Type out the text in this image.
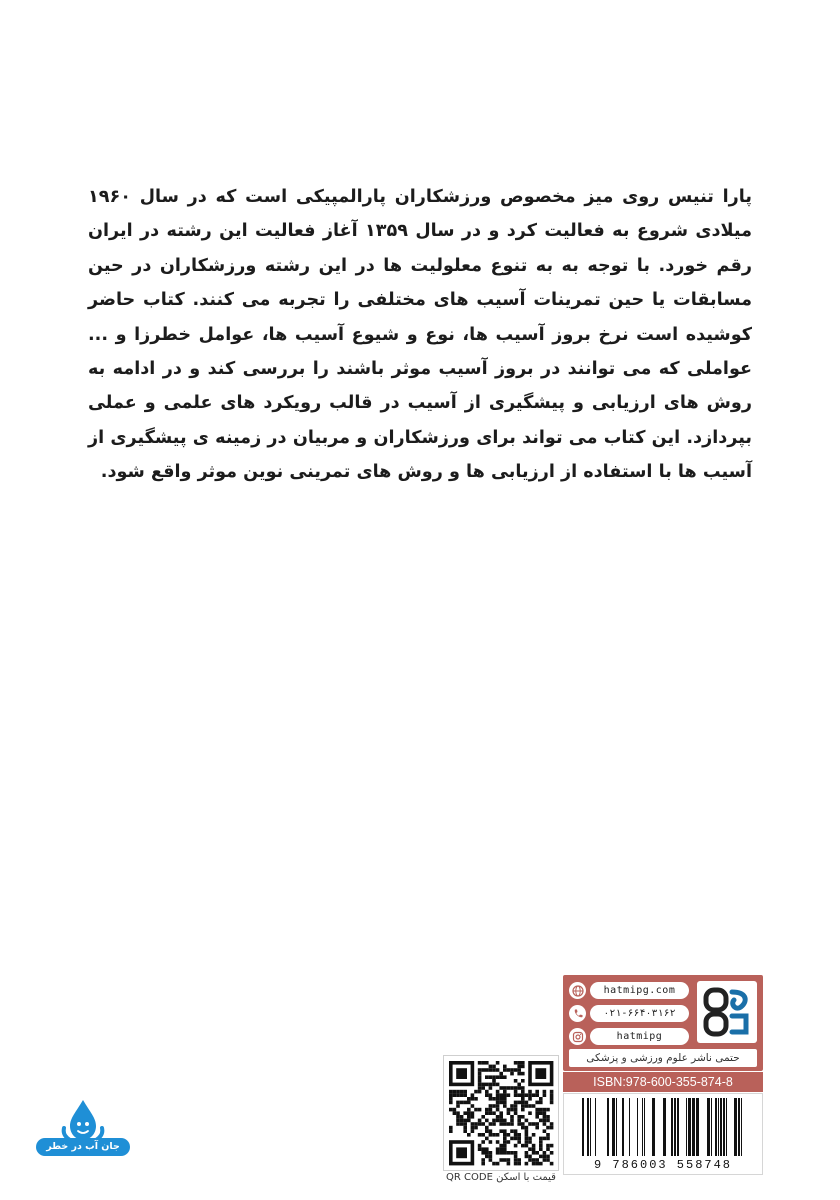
پارا تنیس روی میز مخصوص ورزشکاران پارالمپیکی است که در سال ۱۹۶۰ میلادی شروع به فعالیت کرد و در سال ۱۳۵۹ آغاز فعالیت این رشته در ایران رقم خورد. با توجه به به تنوع معلولیت ها در این رشته ورزشکاران در حین مسابقات یا حین تمرینات آسیب های مختلفی را تجربه می کنند. کتاب حاضر کوشیده است نرخ بروز آسیب ها، نوع و شیوع آسیب ها، عوامل خطرزا و ... عواملی که می توانند در بروز آسیب موثر باشند را بررسی کند و در ادامه به روش های ارزیابی و پیشگیری از آسیب در قالب رویکرد های علمی و عملی بپردازد. این کتاب می تواند برای ورزشکاران و مربیان در زمینه ی پیشگیری از آسیب ها با استفاده از ارزیابی ها و روش های تمرینی نوین موثر واقع شود.

hatmipg.com
۰۲۱-۶۶۴۰۳۱۶۲
hatmipg
حتمی ناشر علوم ورزشی و پزشکی
ISBN:978-600-355-874-8
9 786003 558748
قیمت با اسکن QR CODE
جان آب در خطر است
